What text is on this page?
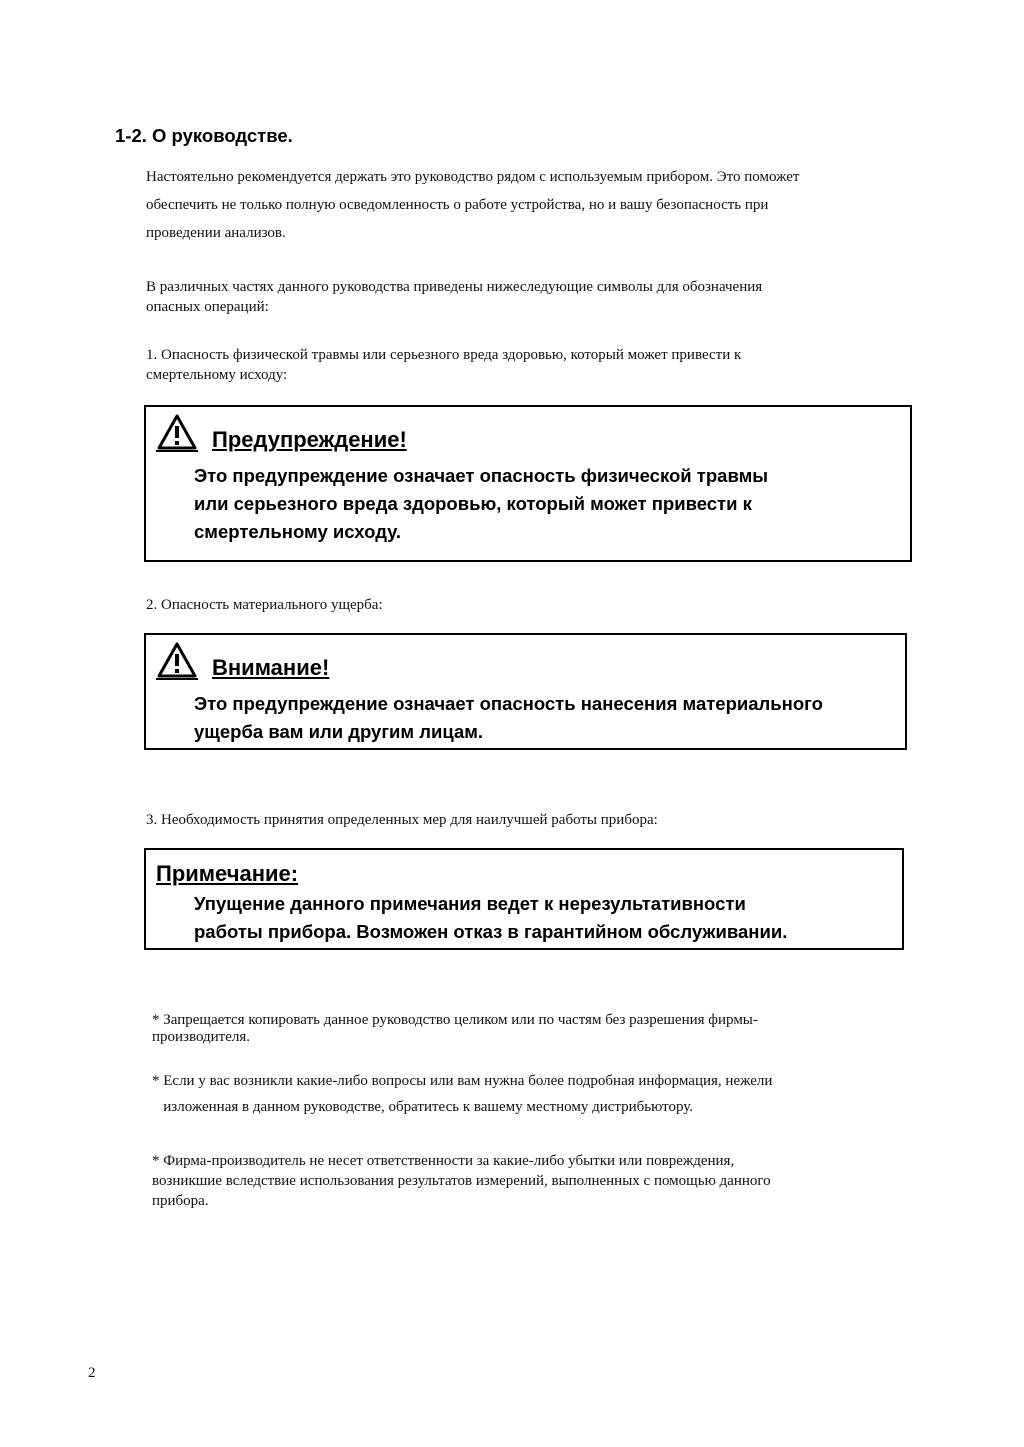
1-2. О руководстве.
Настоятельно рекомендуется держать это руководство рядом с используемым прибором. Это поможет
обеспечить не только полную осведомленность о работе устройства, но и вашу безопасность при
проведении анализов.
В различных частях данного руководства приведены нижеследующие символы для обозначения
опасных операций:
1. Опасность физической травмы или серьезного вреда здоровью, который может привести к
смертельному исходу:
Предупреждение!
Это предупреждение означает опасность физической травмы
или серьезного вреда здоровью, который может привести к
смертельному исходу.
2. Опасность материального ущерба:
Внимание!
Это предупреждение означает опасность нанесения материального
ущерба вам или другим лицам.
3. Необходимость принятия определенных мер для наилучшей работы прибора:
Примечание:
Упущение данного примечания ведет к нерезультативности
работы прибора. Возможен отказ в гарантийном обслуживании.
* Запрещается копировать данное руководство целиком или по частям без разрешения фирмы-
производителя.
* Если у вас возникли какие-либо вопросы или вам нужна более подробная информация, нежели
изложенная в данном руководстве, обратитесь к вашему местному дистрибьютору.
* Фирма-производитель не несет ответственности за какие-либо убытки или повреждения,
возникшие вследствие использования результатов измерений, выполненных с помощью данного
прибора.
2
